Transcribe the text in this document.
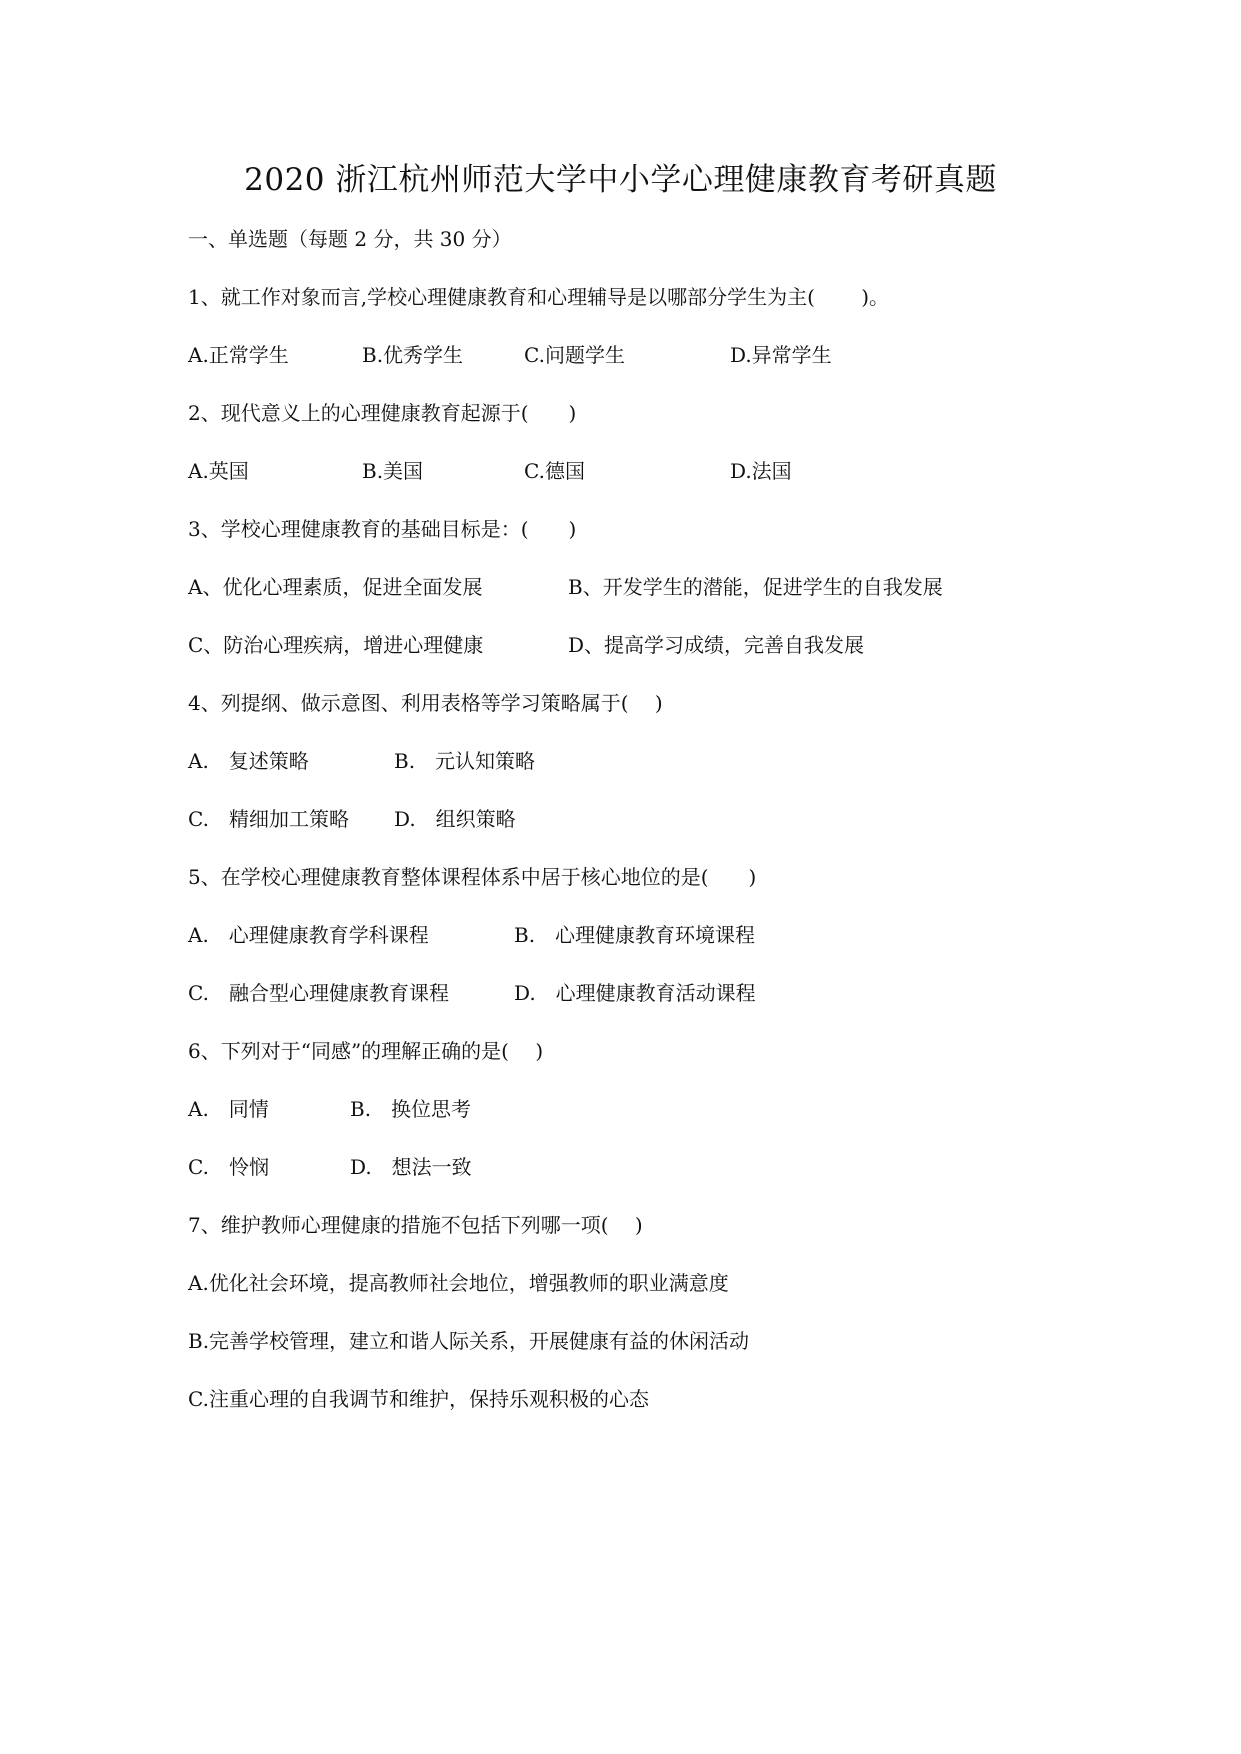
2020 浙江杭州师范大学中小学心理健康教育考研真题
一、单选题（每题 2 分，共 30 分）
1、就工作对象而言,学校心理健康教育和心理辅导是以哪部分学生为主(　　 )。
A.正常学生	B.优秀学生	C.问题学生	D.异常学生
2、现代意义上的心理健康教育起源于(　　)
A.英国	B.美国	C.德国	D.法国
3、学校心理健康教育的基础目标是：(　　)
A、优化心理素质，促进全面发展	B、开发学生的潜能，促进学生的自我发展
C、防治心理疾病，增进心理健康	D、提高学习成绩，完善自我发展
4、列提纲、做示意图、利用表格等学习策略属于(　 )
A.　复述策略	B.　元认知策略
C.　精细加工策略 D.　组织策略
5、在学校心理健康教育整体课程体系中居于核心地位的是(　　)
A.　心理健康教育学科课程	B.　心理健康教育环境课程
C.　融合型心理健康教育课程	D.　心理健康教育活动课程
6、下列对于“同感”的理解正确的是(　 )
A.　同情	B.　换位思考
C.　怜悯	D.　想法一致
7、维护教师心理健康的措施不包括下列哪一项(　 )
A.优化社会环境，提高教师社会地位，增强教师的职业满意度
B.完善学校管理，建立和谐人际关系，开展健康有益的休闲活动
C.注重心理的自我调节和维护，保持乐观积极的心态
